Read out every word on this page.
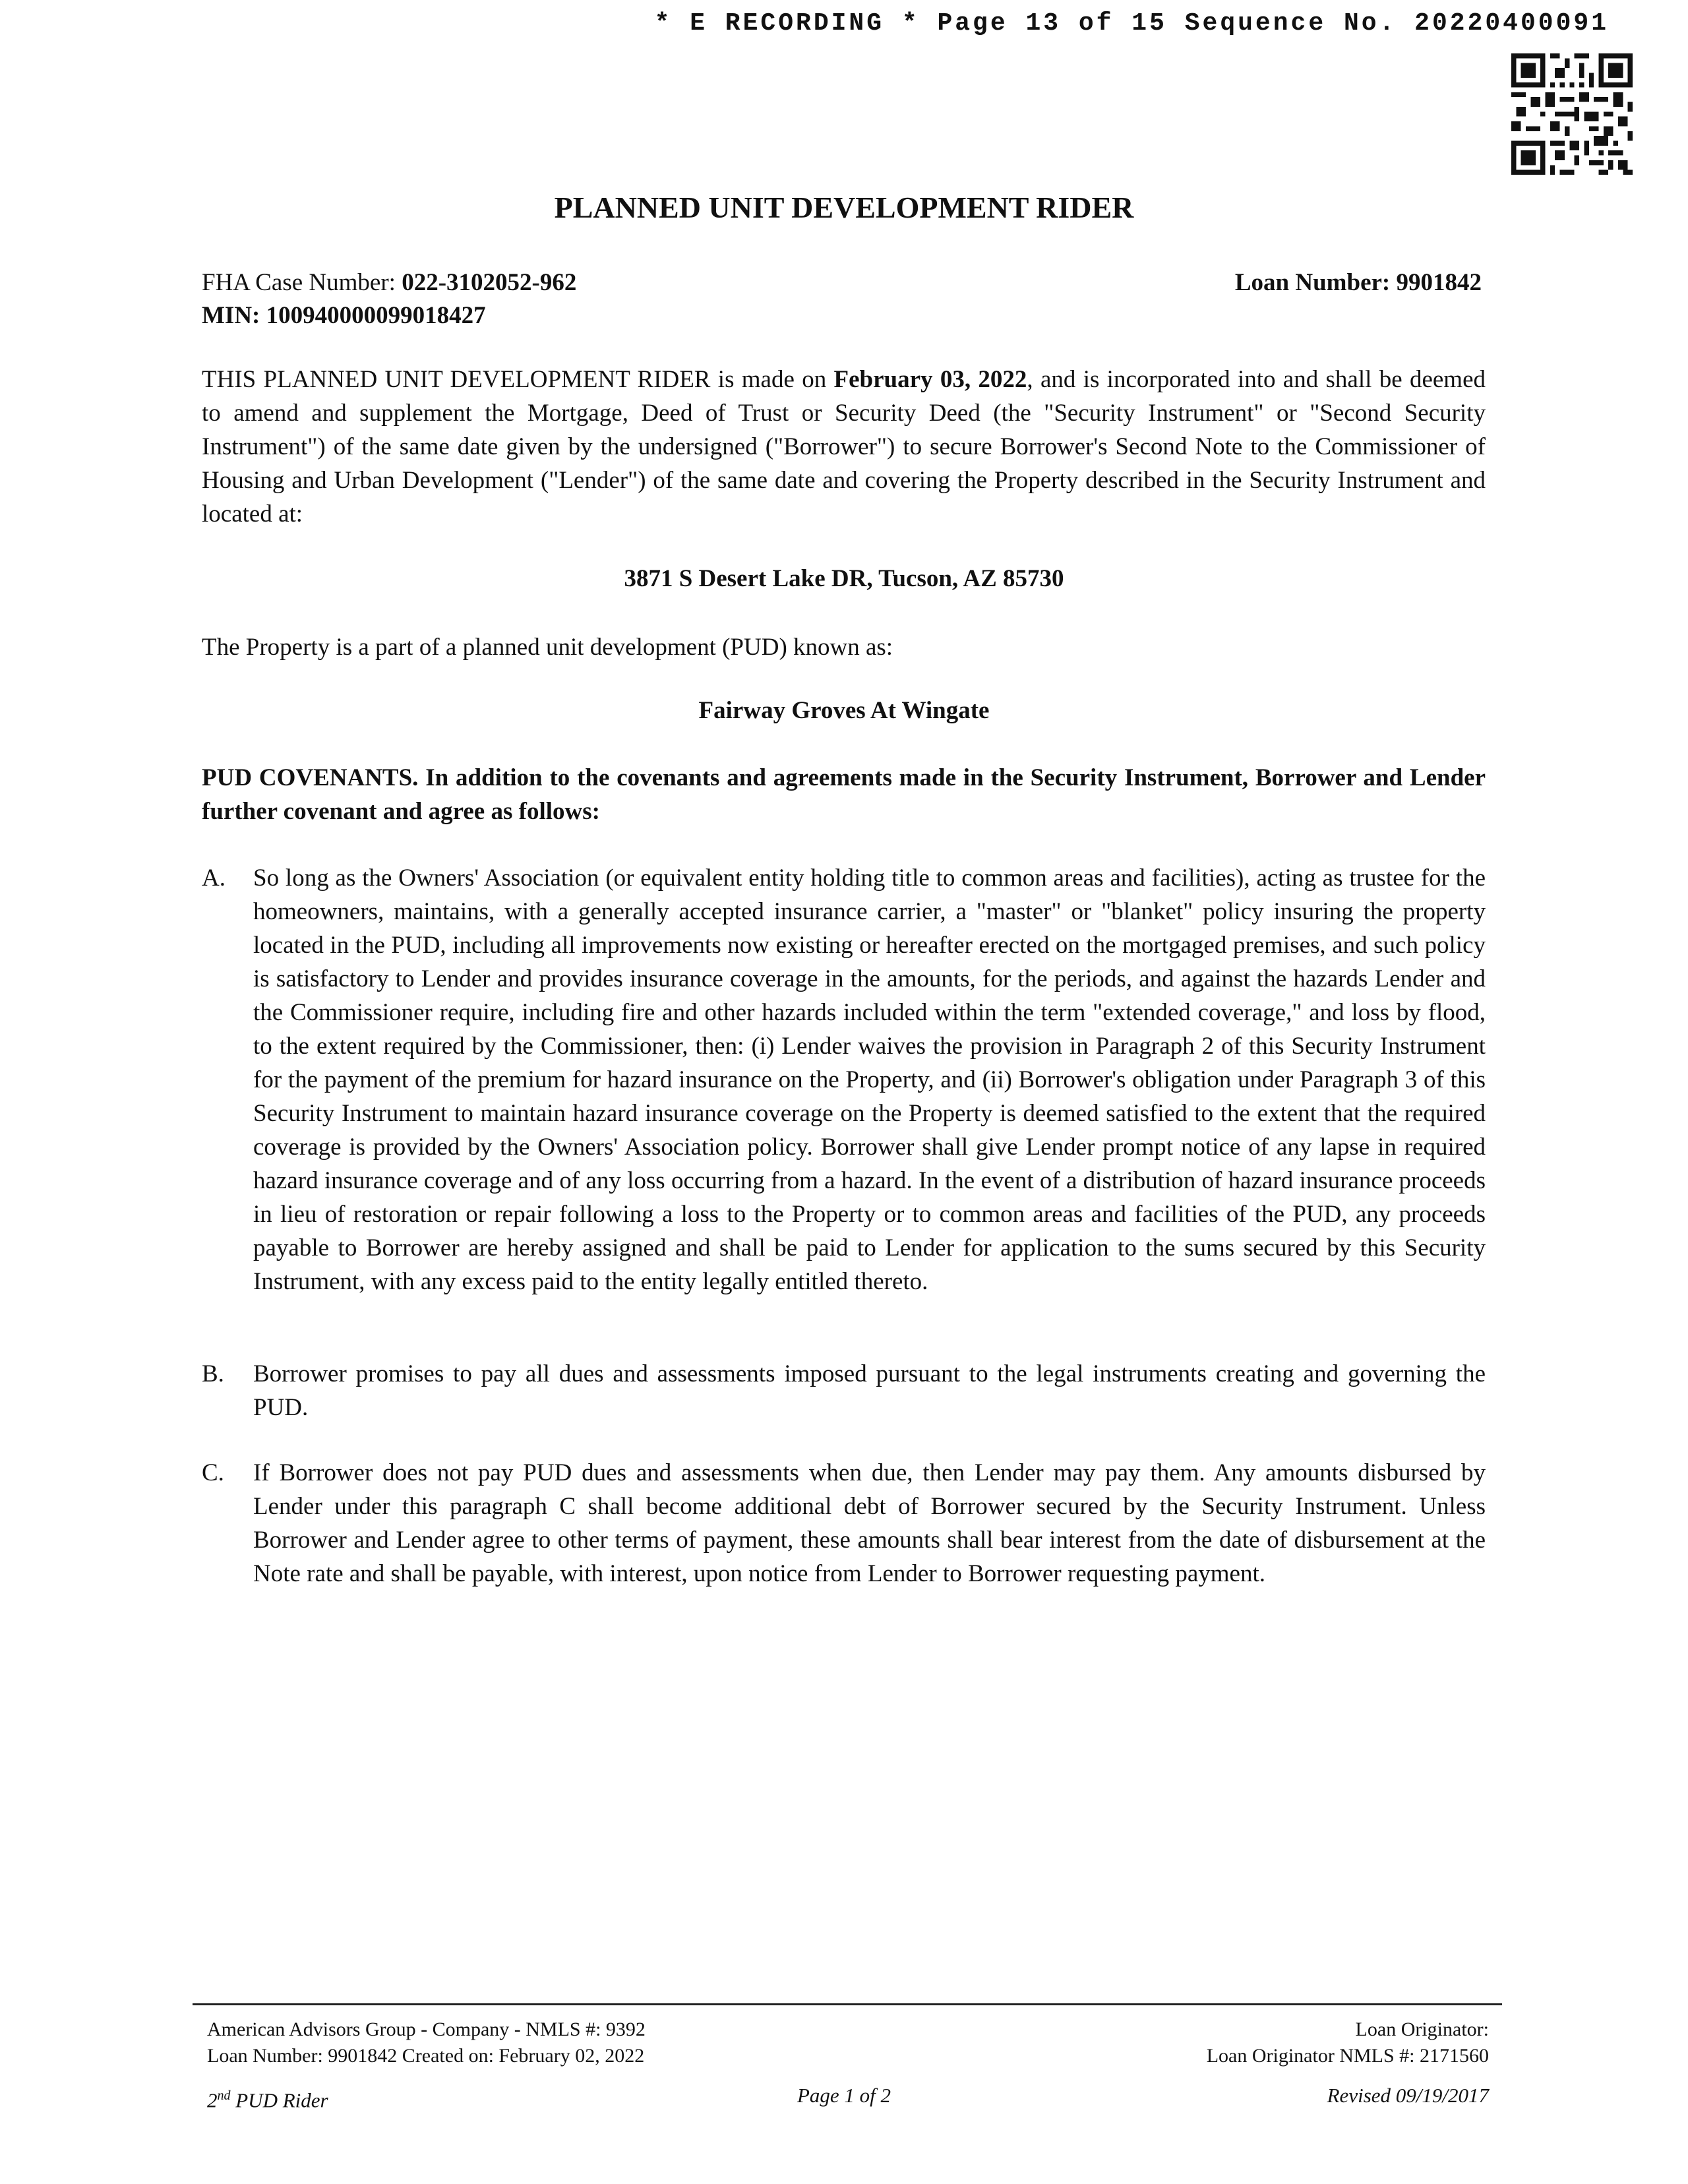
* E RECORDING * Page 13 of 15 Sequence No. 20220400091
PLANNED UNIT DEVELOPMENT RIDER
FHA Case Number: 022-3102052-962
MIN: 100940000099018427
Loan Number: 9901842
THIS PLANNED UNIT DEVELOPMENT RIDER is made on February 03, 2022, and is incorporated into and shall be deemed to amend and supplement the Mortgage, Deed of Trust or Security Deed (the "Security Instrument" or "Second Security Instrument") of the same date given by the undersigned ("Borrower") to secure Borrower's Second Note to the Commissioner of Housing and Urban Development ("Lender") of the same date and covering the Property described in the Security Instrument and located at:
3871 S Desert Lake DR, Tucson, AZ 85730
The Property is a part of a planned unit development (PUD) known as:
Fairway Groves At Wingate
PUD COVENANTS. In addition to the covenants and agreements made in the Security Instrument, Borrower and Lender further covenant and agree as follows:
A. So long as the Owners' Association (or equivalent entity holding title to common areas and facilities), acting as trustee for the homeowners, maintains, with a generally accepted insurance carrier, a "master" or "blanket" policy insuring the property located in the PUD, including all improvements now existing or hereafter erected on the mortgaged premises, and such policy is satisfactory to Lender and provides insurance coverage in the amounts, for the periods, and against the hazards Lender and the Commissioner require, including fire and other hazards included within the term "extended coverage," and loss by flood, to the extent required by the Commissioner, then: (i) Lender waives the provision in Paragraph 2 of this Security Instrument for the payment of the premium for hazard insurance on the Property, and (ii) Borrower's obligation under Paragraph 3 of this Security Instrument to maintain hazard insurance coverage on the Property is deemed satisfied to the extent that the required coverage is provided by the Owners' Association policy. Borrower shall give Lender prompt notice of any lapse in required hazard insurance coverage and of any loss occurring from a hazard. In the event of a distribution of hazard insurance proceeds in lieu of restoration or repair following a loss to the Property or to common areas and facilities of the PUD, any proceeds payable to Borrower are hereby assigned and shall be paid to Lender for application to the sums secured by this Security Instrument, with any excess paid to the entity legally entitled thereto.
B. Borrower promises to pay all dues and assessments imposed pursuant to the legal instruments creating and governing the PUD.
C. If Borrower does not pay PUD dues and assessments when due, then Lender may pay them. Any amounts disbursed by Lender under this paragraph C shall become additional debt of Borrower secured by the Security Instrument. Unless Borrower and Lender agree to other terms of payment, these amounts shall bear interest from the date of disbursement at the Note rate and shall be payable, with interest, upon notice from Lender to Borrower requesting payment.
American Advisors Group - Company - NMLS #: 9392
Loan Number: 9901842 Created on: February 02, 2022
Loan Originator:
Loan Originator NMLS #: 2171560
2nd PUD Rider	Page 1 of 2	Revised 09/19/2017
